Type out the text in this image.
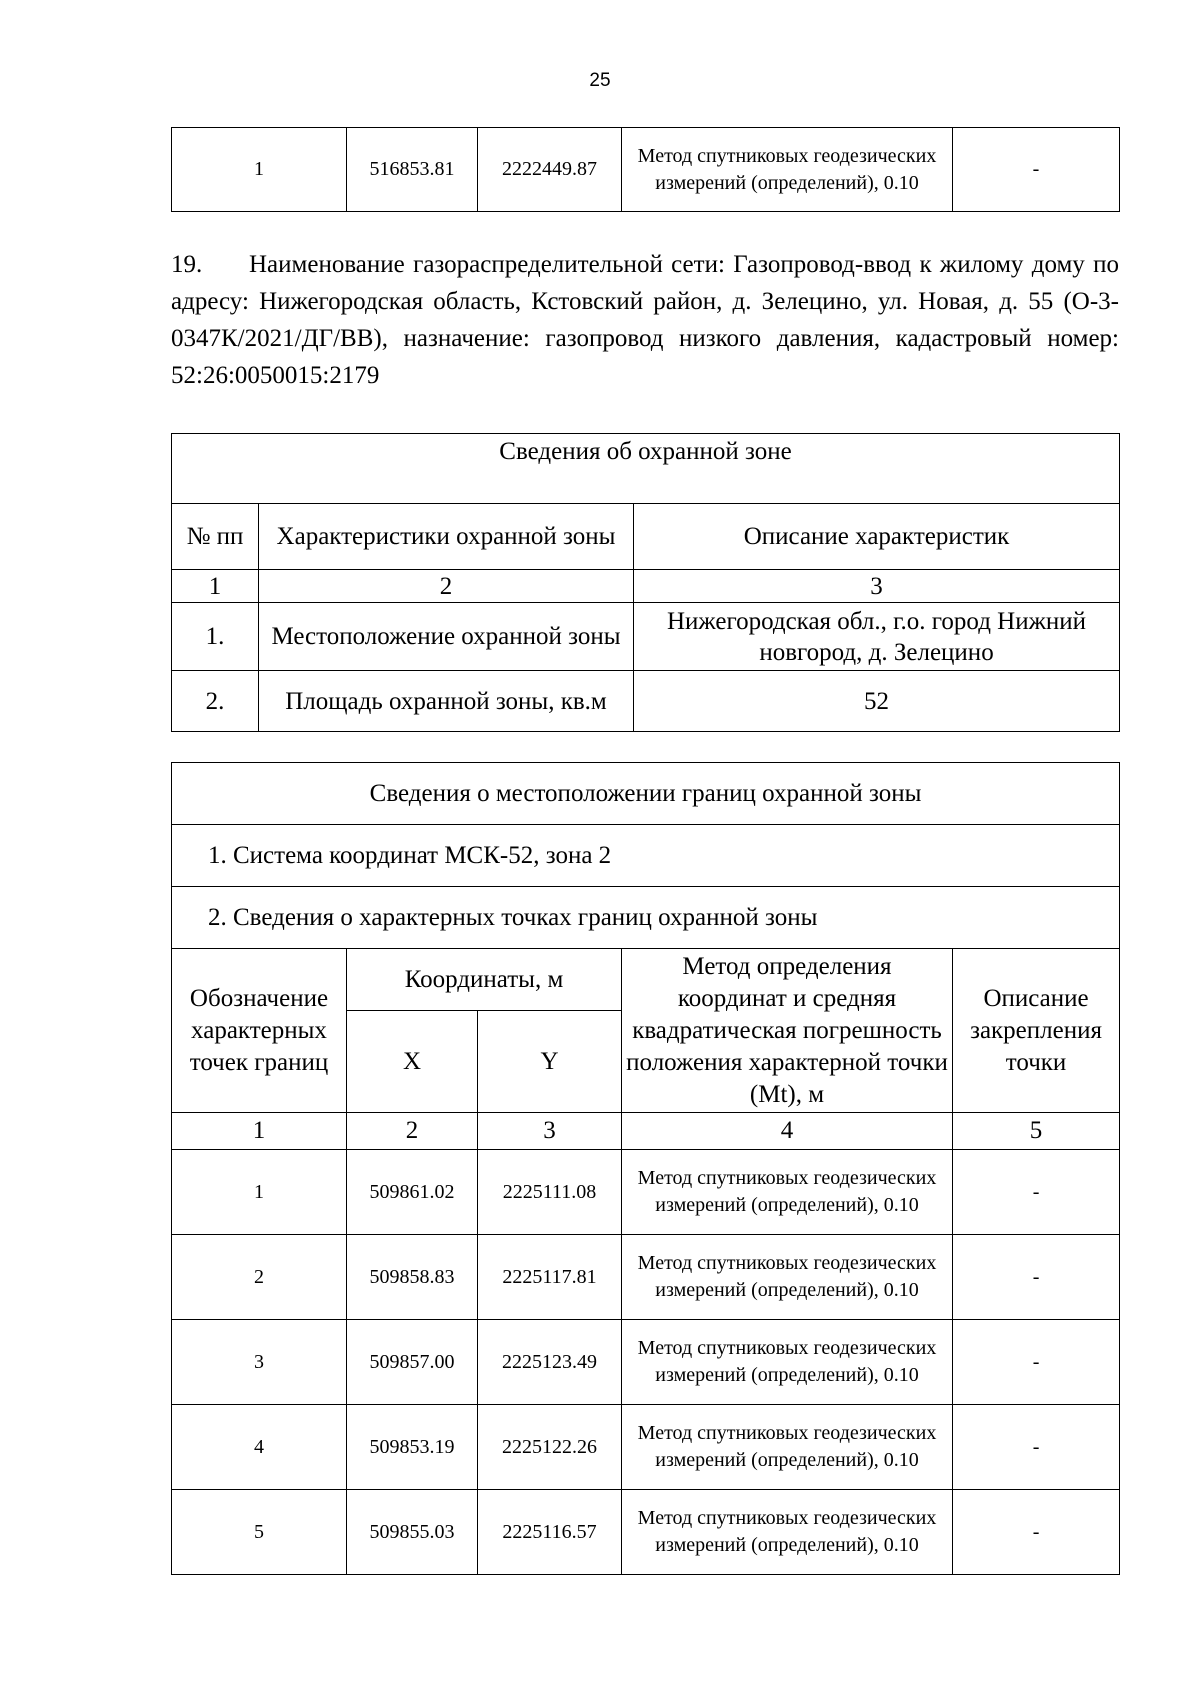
25
1	516853.81	2222449.87	Метод спутниковых геодезических измерений (определений), 0.10	-
19. Наименование газораспределительной сети: Газопровод-ввод к жилому дому по адресу: Нижегородская область, Кстовский район, д. Зелецино, ул. Новая, д. 55 (О-3-0347К/2021/ДГ/ВВ), назначение: газопровод низкого давления, кадастровый номер: 52:26:0050015:2179
Сведения об охранной зоне		
№ пп	Характеристики охранной зоны	Описание характеристик
1	2	3
1.	Местоположение охранной зоны	Нижегородская обл., г.о. город Нижний новгород, д. Зелецино
2.	Площадь охранной зоны, кв.м	52
Сведения о местоположении границ охранной зоны				
1. Система координат МСК-52, зона 2				
2. Сведения о характерных точках границ охранной зоны				
Обозначение характерных точек границ	Координаты, м		Метод определения координат и средняя квадратическая погрешность положения характерной точки (Mt), м	Описание закрепления точки
	X	Y		
1	2	3	4	5
1	509861.02	2225111.08	Метод спутниковых геодезических измерений (определений), 0.10	-
2	509858.83	2225117.81	Метод спутниковых геодезических измерений (определений), 0.10	-
3	509857.00	2225123.49	Метод спутниковых геодезических измерений (определений), 0.10	-
4	509853.19	2225122.26	Метод спутниковых геодезических измерений (определений), 0.10	-
5	509855.03	2225116.57	Метод спутниковых геодезических измерений (определений), 0.10	-
